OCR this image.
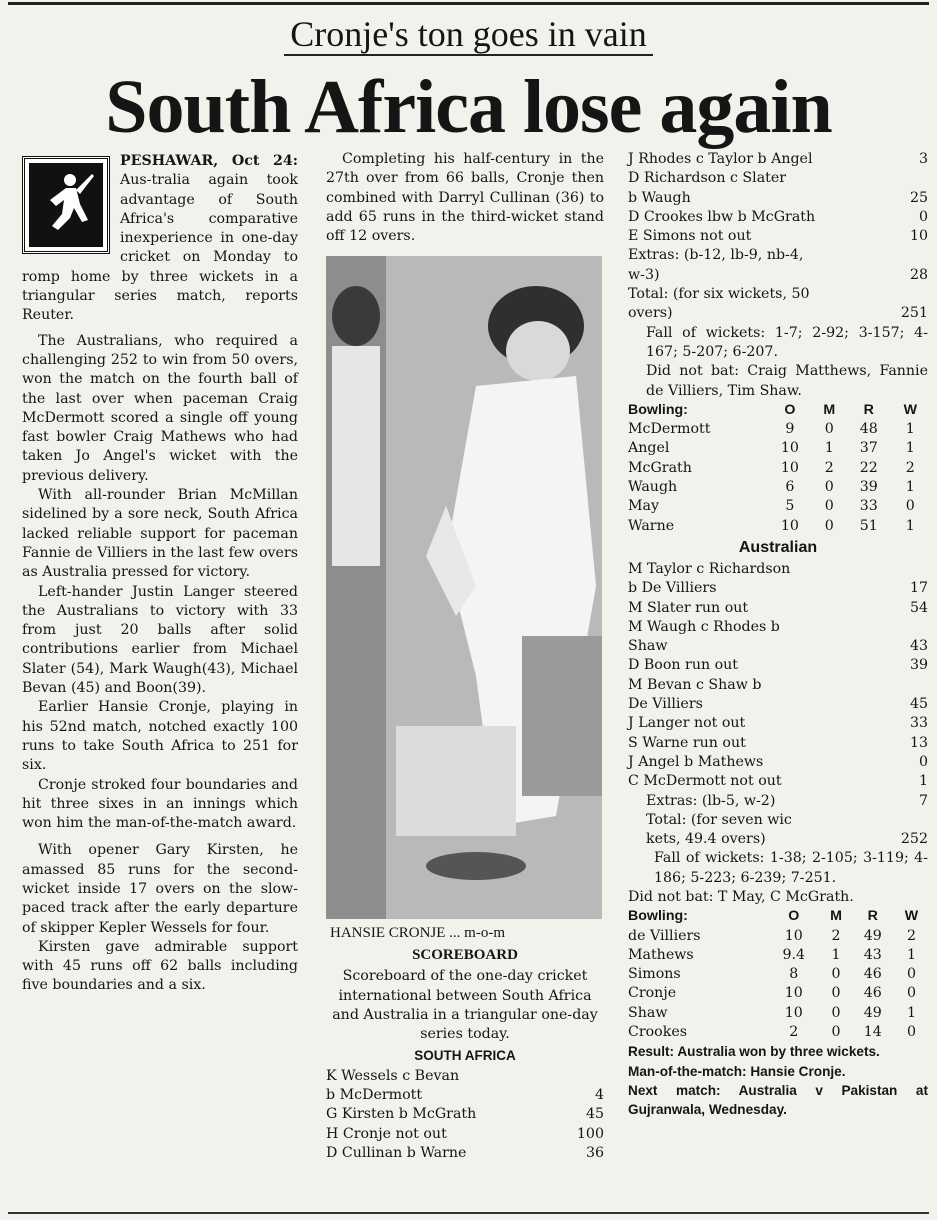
Cronje's ton goes in vain
South Africa lose again

PESHAWAR, Oct 24: Aus-tralia again took advantage of South Africa's comparative inexperience in one-day cricket on Monday to romp home by three wickets in a triangular series match, reports Reuter.

The Australians, who required a challenging 252 to win from 50 overs, won the match on the fourth ball of the last over when paceman Craig McDermott scored a single off young fast bowler Craig Mathews who had taken Jo Angel's wicket with the previous delivery.

With all-rounder Brian McMillan sidelined by a sore neck, South Africa lacked reliable support for paceman Fannie de Villiers in the last few overs as Australia pressed for victory.

Left-hander Justin Langer steered the Australians to victory with 33 from just 20 balls after solid contributions earlier from Michael Slater (54), Mark Waugh(43), Michael Bevan (45) and Boon(39).

Earlier Hansie Cronje, playing in his 52nd match, notched exactly 100 runs to take South Africa to 251 for six.

Cronje stroked four boundaries and hit three sixes in an innings which won him the man-of-the-match award.

With opener Gary Kirsten, he amassed 85 runs for the second-wicket inside 17 overs on the slow-paced track after the early departure of skipper Kepler Wessels for four.

Kirsten gave admirable support with 45 runs off 62 balls including five boundaries and a six.

Completing his half-century in the 27th over from 66 balls, Cronje then combined with Darryl Cullinan (36) to add 65 runs in the third-wicket stand off 12 overs.

HANSIE CRONJE ... m-o-m
SCOREBOARD

Scoreboard of the one-day cricket international between South Africa and Australia in a triangular one-day series today.

SOUTH AFRICA
K Wessels c Bevan
b McDermott	4
G Kirsten b McGrath	45
H Cronje not out	100
D Cullinan b Warne	36
J Rhodes c Taylor b Angel	3
D Richardson c Slater
b Waugh	25
D Crookes lbw b McGrath	0
E Simons not out	10
Extras: (b-12, lb-9, nb-4,
w-3)	28
Total: (for six wickets, 50
overs)	251

Fall of wickets: 1-7; 2-92; 3-157; 4-167; 5-207; 6-207.

Did not bat: Craig Matthews, Fannie de Villiers, Tim Shaw.

Bowling:	O	M	R	W
McDermott	9	0	48	1
Angel	10	1	37	1
McGrath	10	2	22	2
Waugh	6	0	39	1
May	5	0	33	0
Warne	10	0	51	1
Australian
M Taylor c Richardson
b De Villiers	17
M Slater run out	54
M Waugh c Rhodes b
Shaw	43
D Boon run out	39
M Bevan c Shaw b
De Villiers	45
J Langer not out	33
S Warne run out	13
J Angel b Mathews	0
C McDermott not out	1
Extras: (lb-5, w-2)	7
Total: (for seven wic
kets, 49.4 overs)	252

Fall of wickets: 1-38; 2-105; 3-119; 4-186; 5-223; 6-239; 7-251.

Did not bat: T May, C McGrath.

Bowling:	O	M	R	W
de Villiers	10	2	49	2
Mathews	9.4	1	43	1
Simons	8	0	46	0
Cronje	10	0	46	0
Shaw	10	0	49	1
Crookes	2	0	14	0

Result: Australia won by three wickets.

Man-of-the-match: Hansie Cronje.

Next match: Australia v Pakistan at Gujranwala, Wednesday.
